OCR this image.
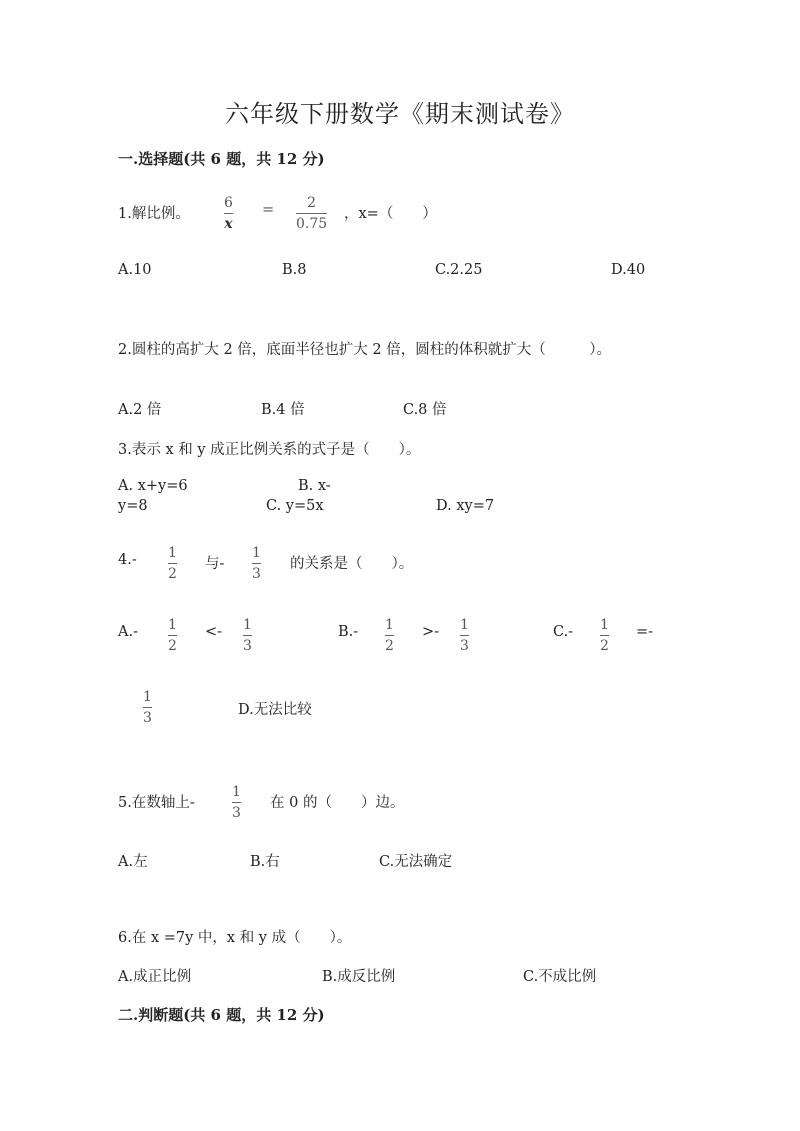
六年级下册数学《期末测试卷》
一.选择题(共 6 题，共 12 分)
1.解比例。
6
x
= 2
0.75
，x=（　　）
A.10	B.8	C.2.25	D.40
2.圆柱的高扩大 2 倍，底面半径也扩大 2 倍，圆柱的体积就扩大（　　　）。
A.2 倍	B.4 倍	C.8 倍
3.表示 x 和 y 成正比例关系的式子是（　　）。
A. x+y=6	B. x-
y=8	C. y=5x	D. xy=7
4.- 1
2
与-
1
3
的关系是（　　）。
A.- 1
2
<- 1
3
B.- 1
2
>- 1
3
C.- 1
2
=-
1
3	D.无法比较
5.在数轴上-
1
3
在 0 的（　　）边。
A.左	B.右	C.无法确定
6.在 x =7y 中，x 和 y 成（　　）。
A.成正比例	B.成反比例	C.不成比例
二.判断题(共 6 题，共 12 分)
